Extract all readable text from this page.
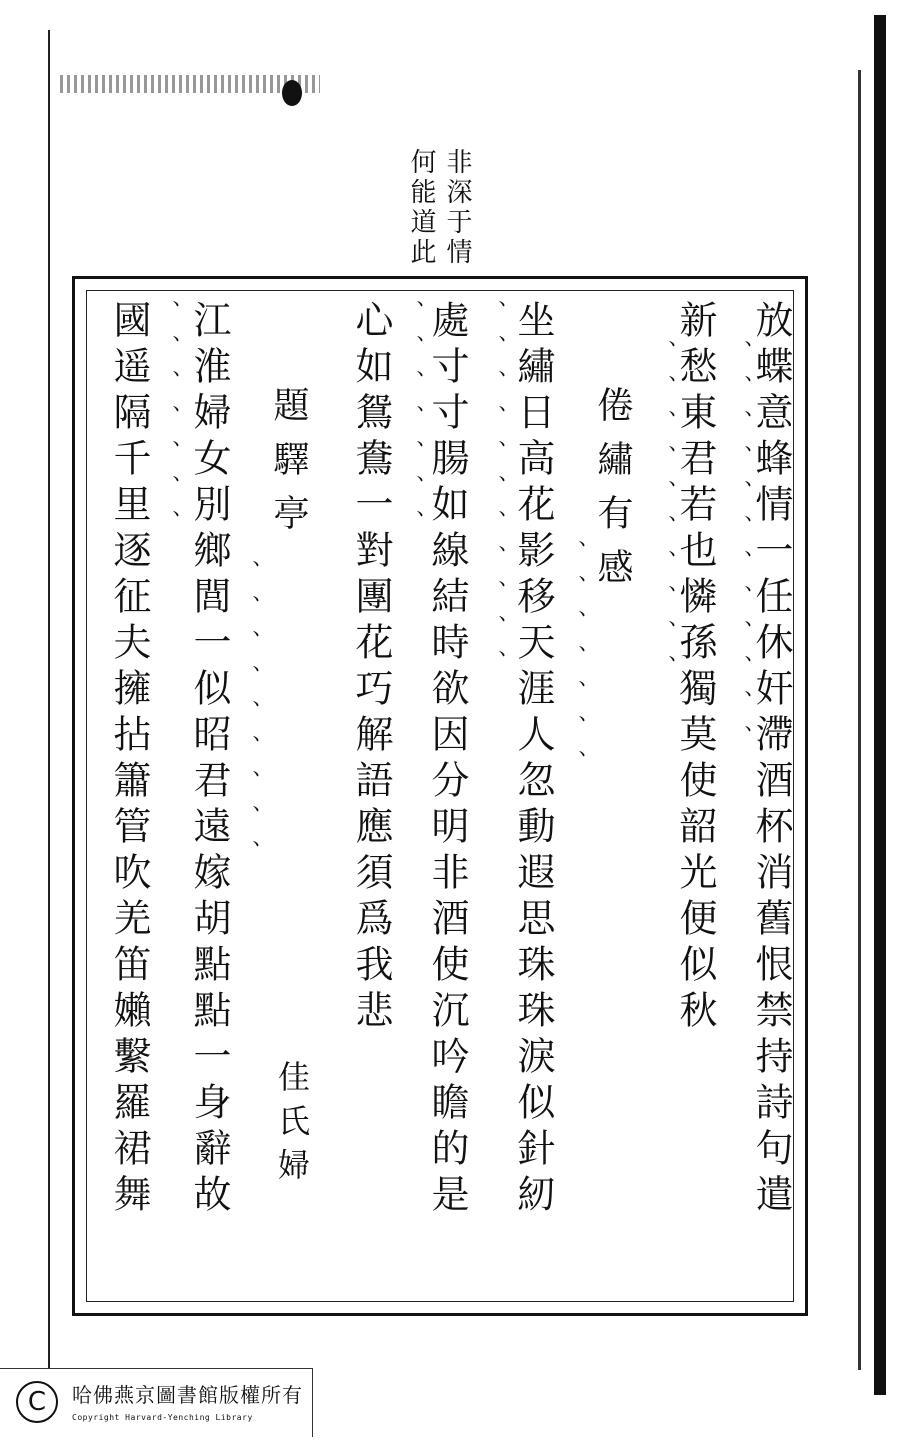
非深于情
何能道此
放蝶意蜂情一任休奸滯酒杯消舊恨禁持詩句遣
、、、、、、、、、、、、
新愁東君若也憐孫獨莫使韶光便似秋
、、、、、、、、、、
倦繡有感
坐繡日高花影移天涯人忽動遐思珠珠淚似針紉 、、、、、、、
處寸寸腸如線結時欲因分明非酒使沉吟瞻的是 、、、、、、、、、、、
心如鴛鴦一對團花巧解語應須爲我悲 、、、、、、、
題驛亭
佳氏婦
江淮婦女別鄉閭一似昭君遠嫁胡點點一身辭故 、、、、、、、、、
國遥隔千里逐征夫擁拈簫管吹羌笛嬾繫羅裙舞 、、、、、、、
C	哈佛燕京圖書館版權所有
Copyright Harvard-Yenching Library
